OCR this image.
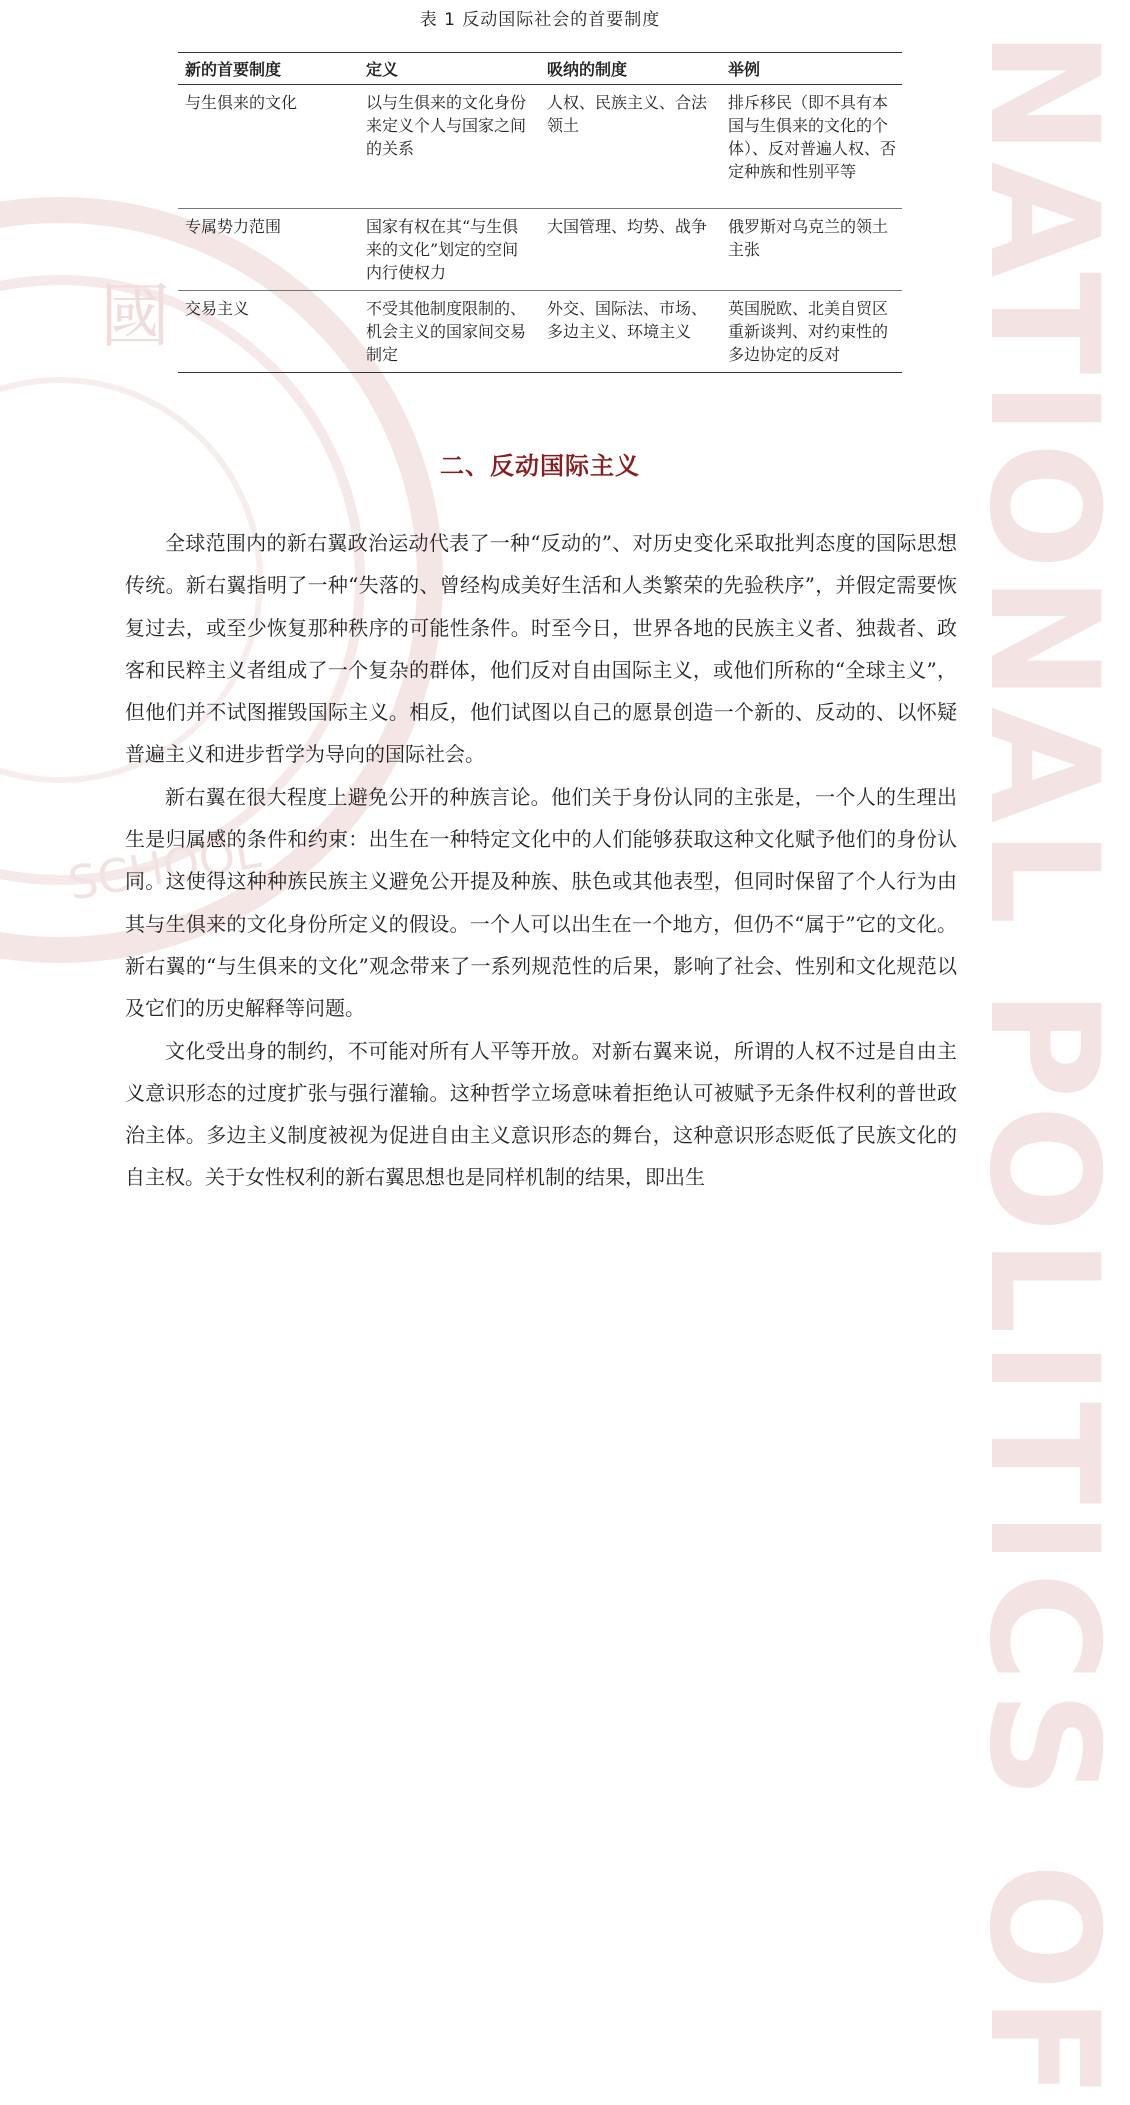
NATIONAL POLITICS OF
國
SCHOOL
表 1 反动国际社会的首要制度
新的首要制度	定义	吸纳的制度	举例
与生俱来的文化	以与生俱来的文化身份来定义个人与国家之间的关系	人权、民族主义、合法领土	排斥移民（即不具有本国与生俱来的文化的个体）、反对普遍人权、否定种族和性别平等
专属势力范围	国家有权在其“与生俱来的文化”划定的空间内行使权力	大国管理、均势、战争	俄罗斯对乌克兰的领土主张
交易主义	不受其他制度限制的、机会主义的国家间交易制定	外交、国际法、市场、多边主义、环境主义	英国脱欧、北美自贸区重新谈判、对约束性的多边协定的反对
二、反动国际主义

全球范围内的新右翼政治运动代表了一种“反动的”、对历史变化采取批判态度的国际思想传统。新右翼指明了一种“失落的、曾经构成美好生活和人类繁荣的先验秩序”，并假定需要恢复过去，或至少恢复那种秩序的可能性条件。时至今日，世界各地的民族主义者、独裁者、政客和民粹主义者组成了一个复杂的群体，他们反对自由国际主义，或他们所称的“全球主义”，但他们并不试图摧毁国际主义。相反，他们试图以自己的愿景创造一个新的、反动的、以怀疑普遍主义和进步哲学为导向的国际社会。

新右翼在很大程度上避免公开的种族言论。他们关于身份认同的主张是，一个人的生理出生是归属感的条件和约束：出生在一种特定文化中的人们能够获取这种文化赋予他们的身份认同。这使得这种种族民族主义避免公开提及种族、肤色或其他表型，但同时保留了个人行为由其与生俱来的文化身份所定义的假设。一个人可以出生在一个地方，但仍不“属于”它的文化。新右翼的“与生俱来的文化”观念带来了一系列规范性的后果，影响了社会、性别和文化规范以及它们的历史解释等问题。

文化受出身的制约，不可能对所有人平等开放。对新右翼来说，所谓的人权不过是自由主义意识形态的过度扩张与强行灌输。这种哲学立场意味着拒绝认可被赋予无条件权利的普世政治主体。多边主义制度被视为促进自由主义意识形态的舞台，这种意识形态贬低了民族文化的自主权。关于女性权利的新右翼思想也是同样机制的结果，即出生
